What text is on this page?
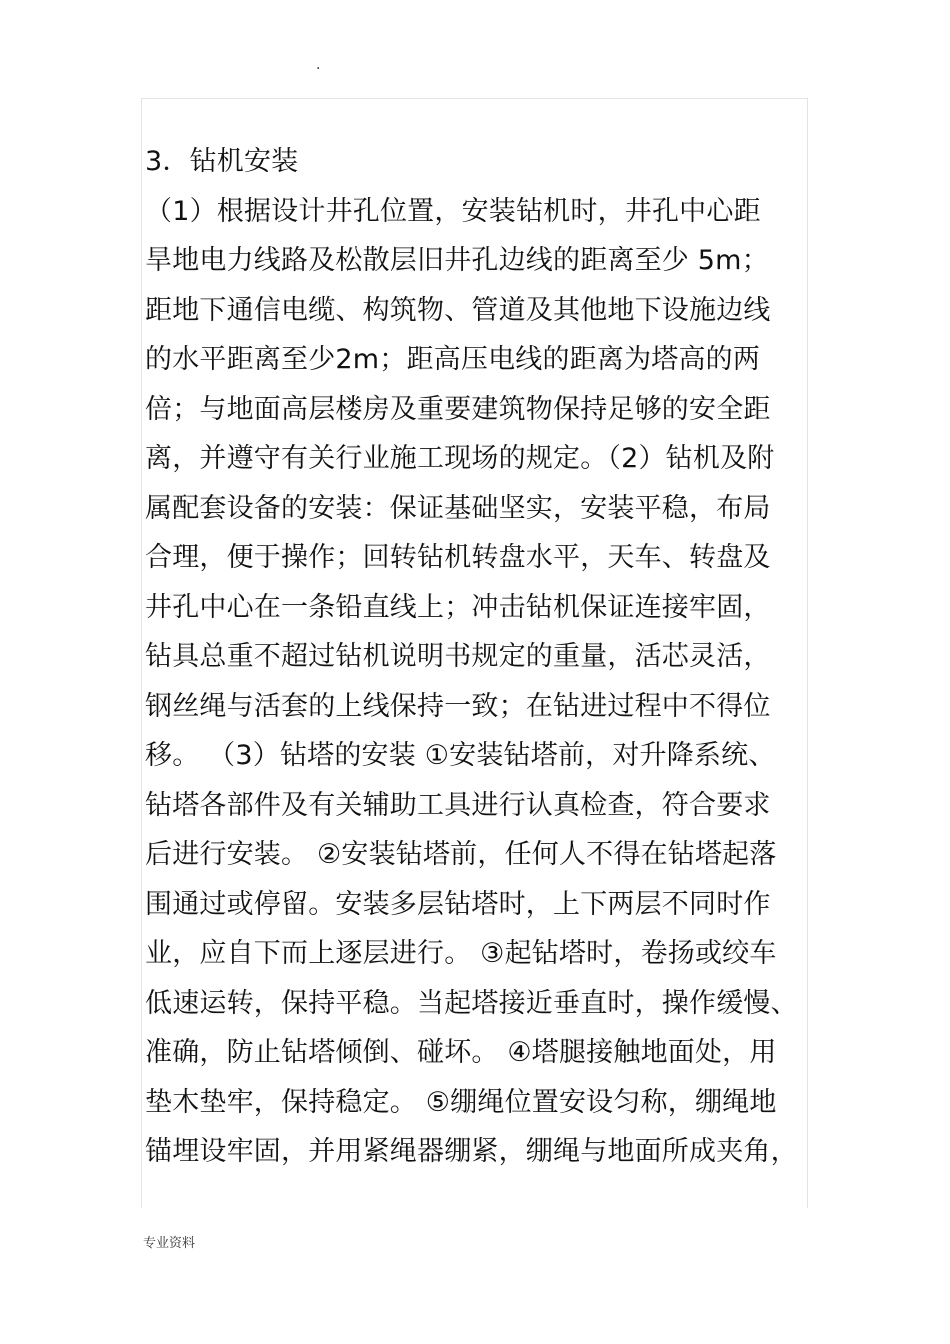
.
3．钻机安装
（1）根据设计井孔位置，安装钻机时，井孔中心距
旱地电力线路及松散层旧井孔边线的距离至少 5m；
距地下通信电缆、构筑物、管道及其他地下设施边线
的水平距离至少2m；距高压电线的距离为塔高的两
倍；与地面高层楼房及重要建筑物保持足够的安全距
离，并遵守有关行业施工现场的规定。（2）钻机及附
属配套设备的安装：保证基础坚实，安装平稳，布局
合理，便于操作；回转钻机转盘水平，天车、转盘及
井孔中心在一条铅直线上；冲击钻机保证连接牢固，
钻具总重不超过钻机说明书规定的重量，活芯灵活，
钢丝绳与活套的上线保持一致；在钻进过程中不得位
移。 （3）钻塔的安装 ①安装钻塔前，对升降系统、
钻塔各部件及有关辅助工具进行认真检查，符合要求
后进行安装。 ②安装钻塔前，任何人不得在钻塔起落
围通过或停留。安装多层钻塔时，上下两层不同时作
业，应自下而上逐层进行。 ③起钻塔时，卷扬或绞车
低速运转，保持平稳。当起塔接近垂直时，操作缓慢、
准确，防止钻塔倾倒、碰坏。 ④塔腿接触地面处，用
垫木垫牢，保持稳定。 ⑤绷绳位置安设匀称，绷绳地
锚埋设牢固，并用紧绳器绷紧，绷绳与地面所成夹角，
专业资料
